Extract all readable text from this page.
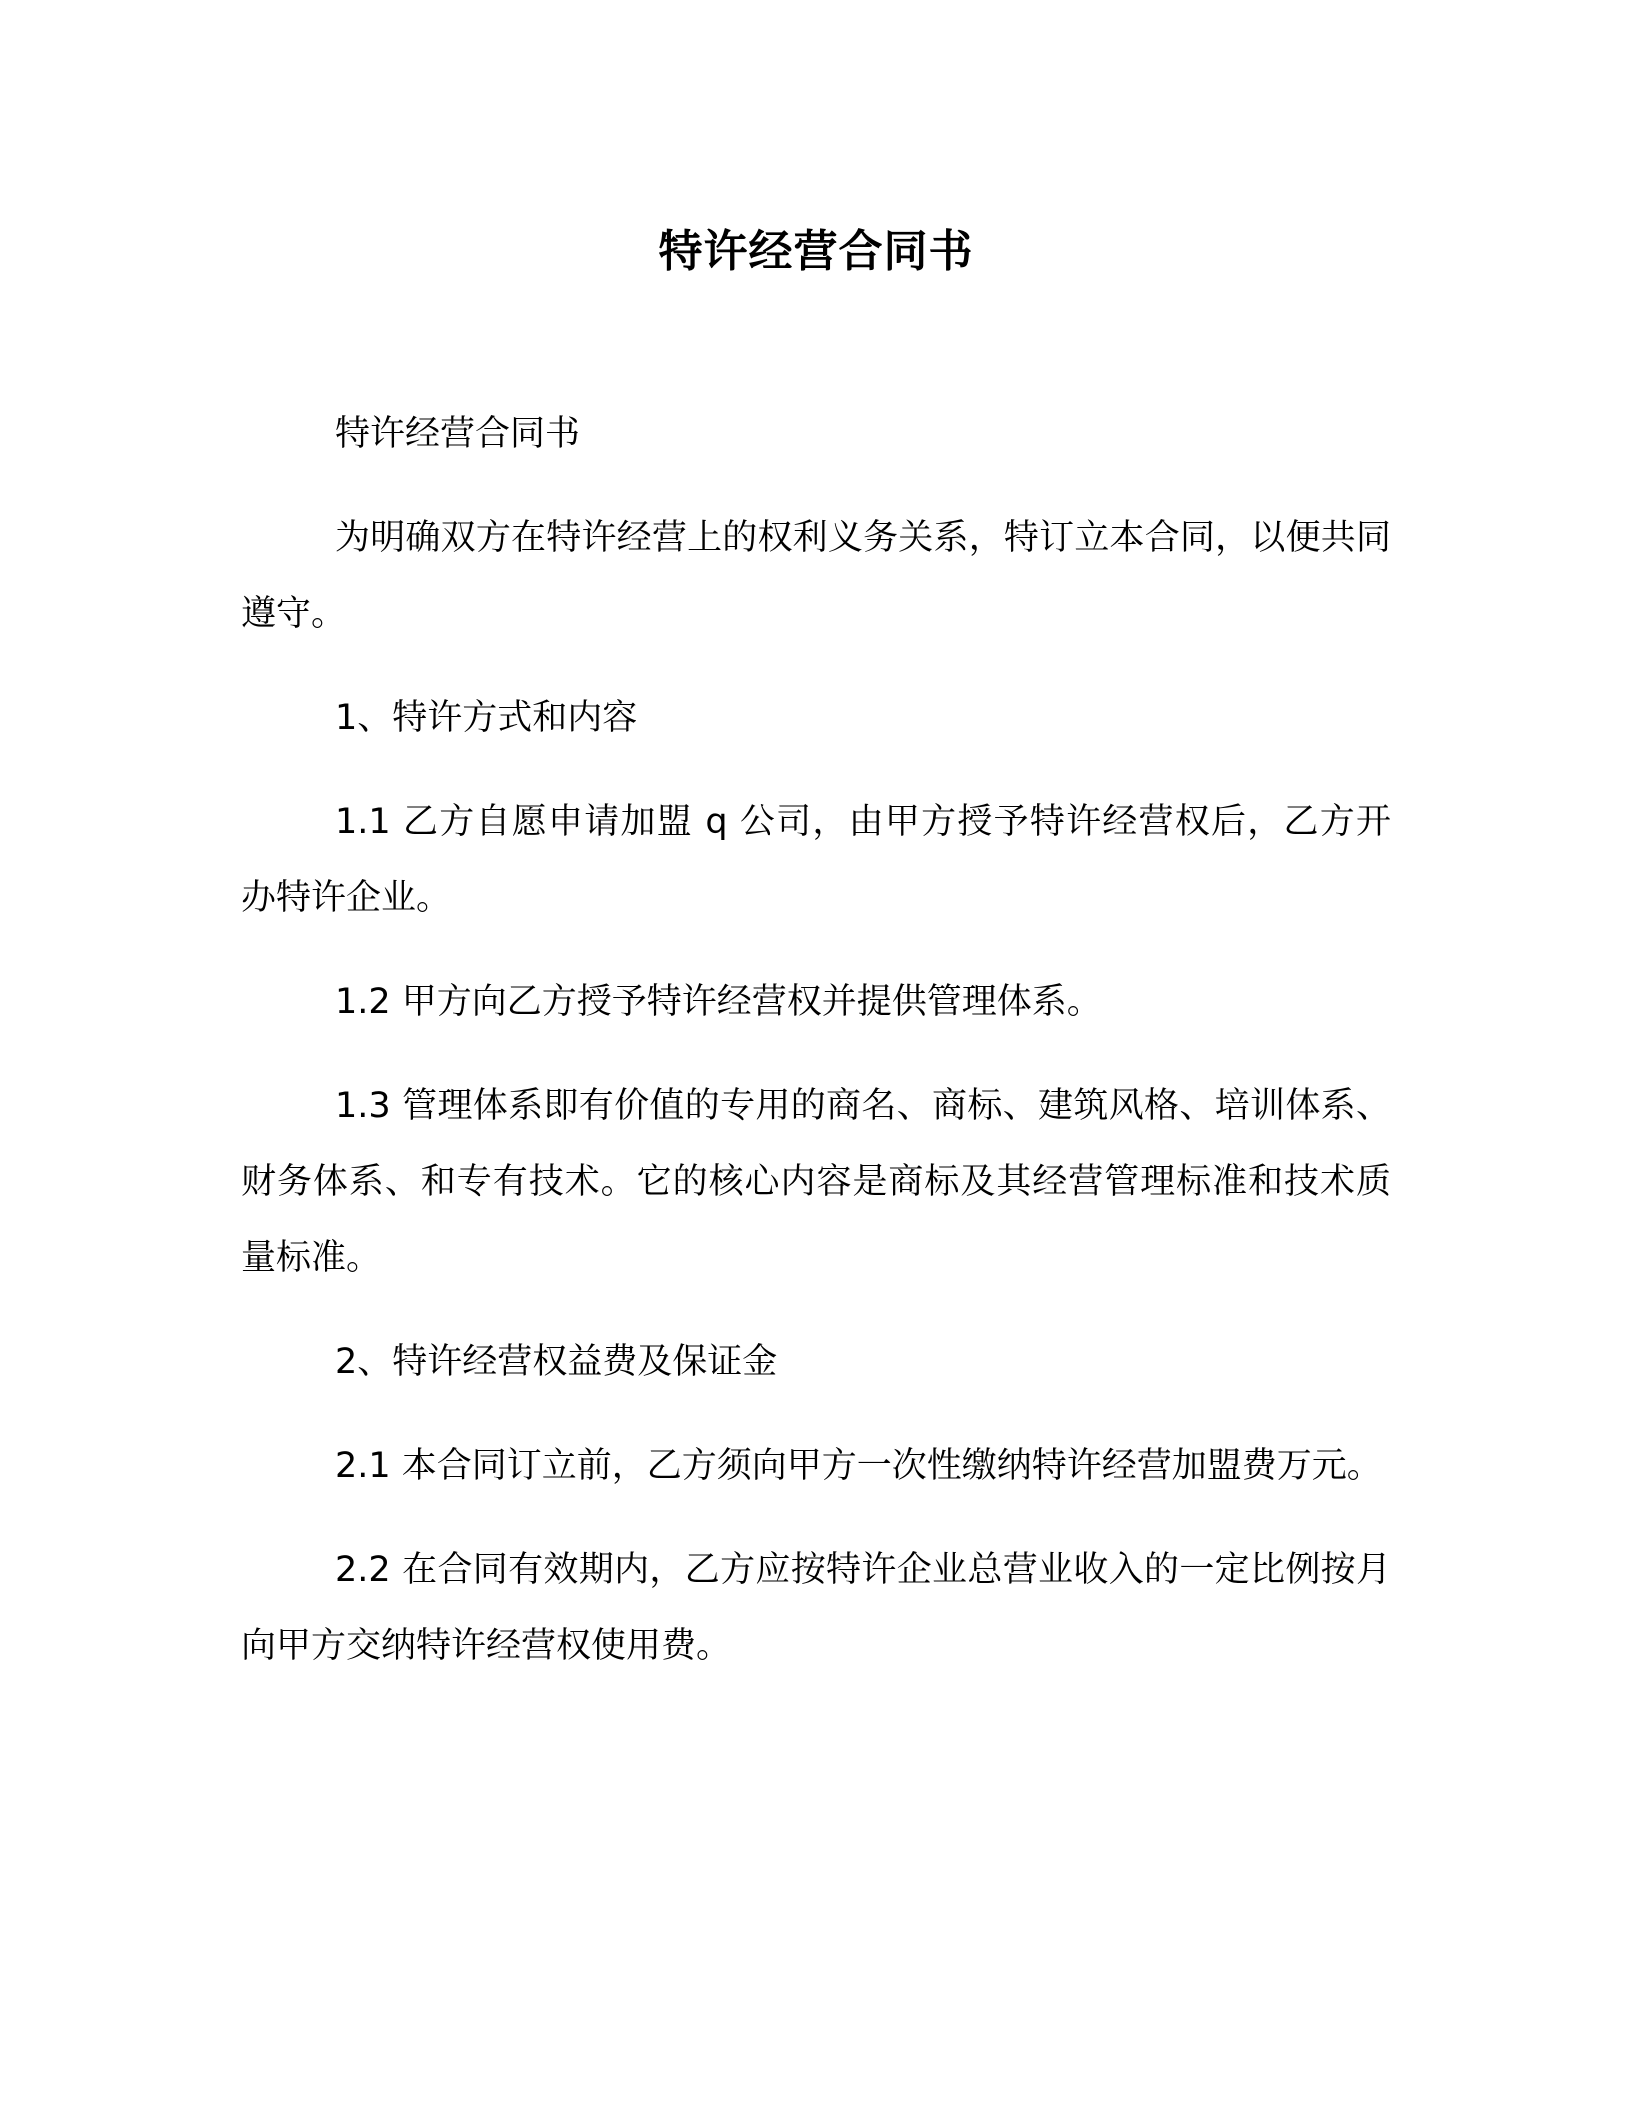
特许经营合同书

特许经营合同书

为明确双方在特许经营上的权利义务关系，特订立本合同，以便共同遵守。

1、特许方式和内容

1.1 乙方自愿申请加盟 q 公司，由甲方授予特许经营权后，乙方开办特许企业。

1.2 甲方向乙方授予特许经营权并提供管理体系。

1.3 管理体系即有价值的专用的商名、商标、建筑风格、培训体系、财务体系、和专有技术。它的核心内容是商标及其经营管理标准和技术质量标准。

2、特许经营权益费及保证金

2.1 本合同订立前，乙方须向甲方一次性缴纳特许经营加盟费万元。

2.2 在合同有效期内，乙方应按特许企业总营业收入的一定比例按月向甲方交纳特许经营权使用费。
